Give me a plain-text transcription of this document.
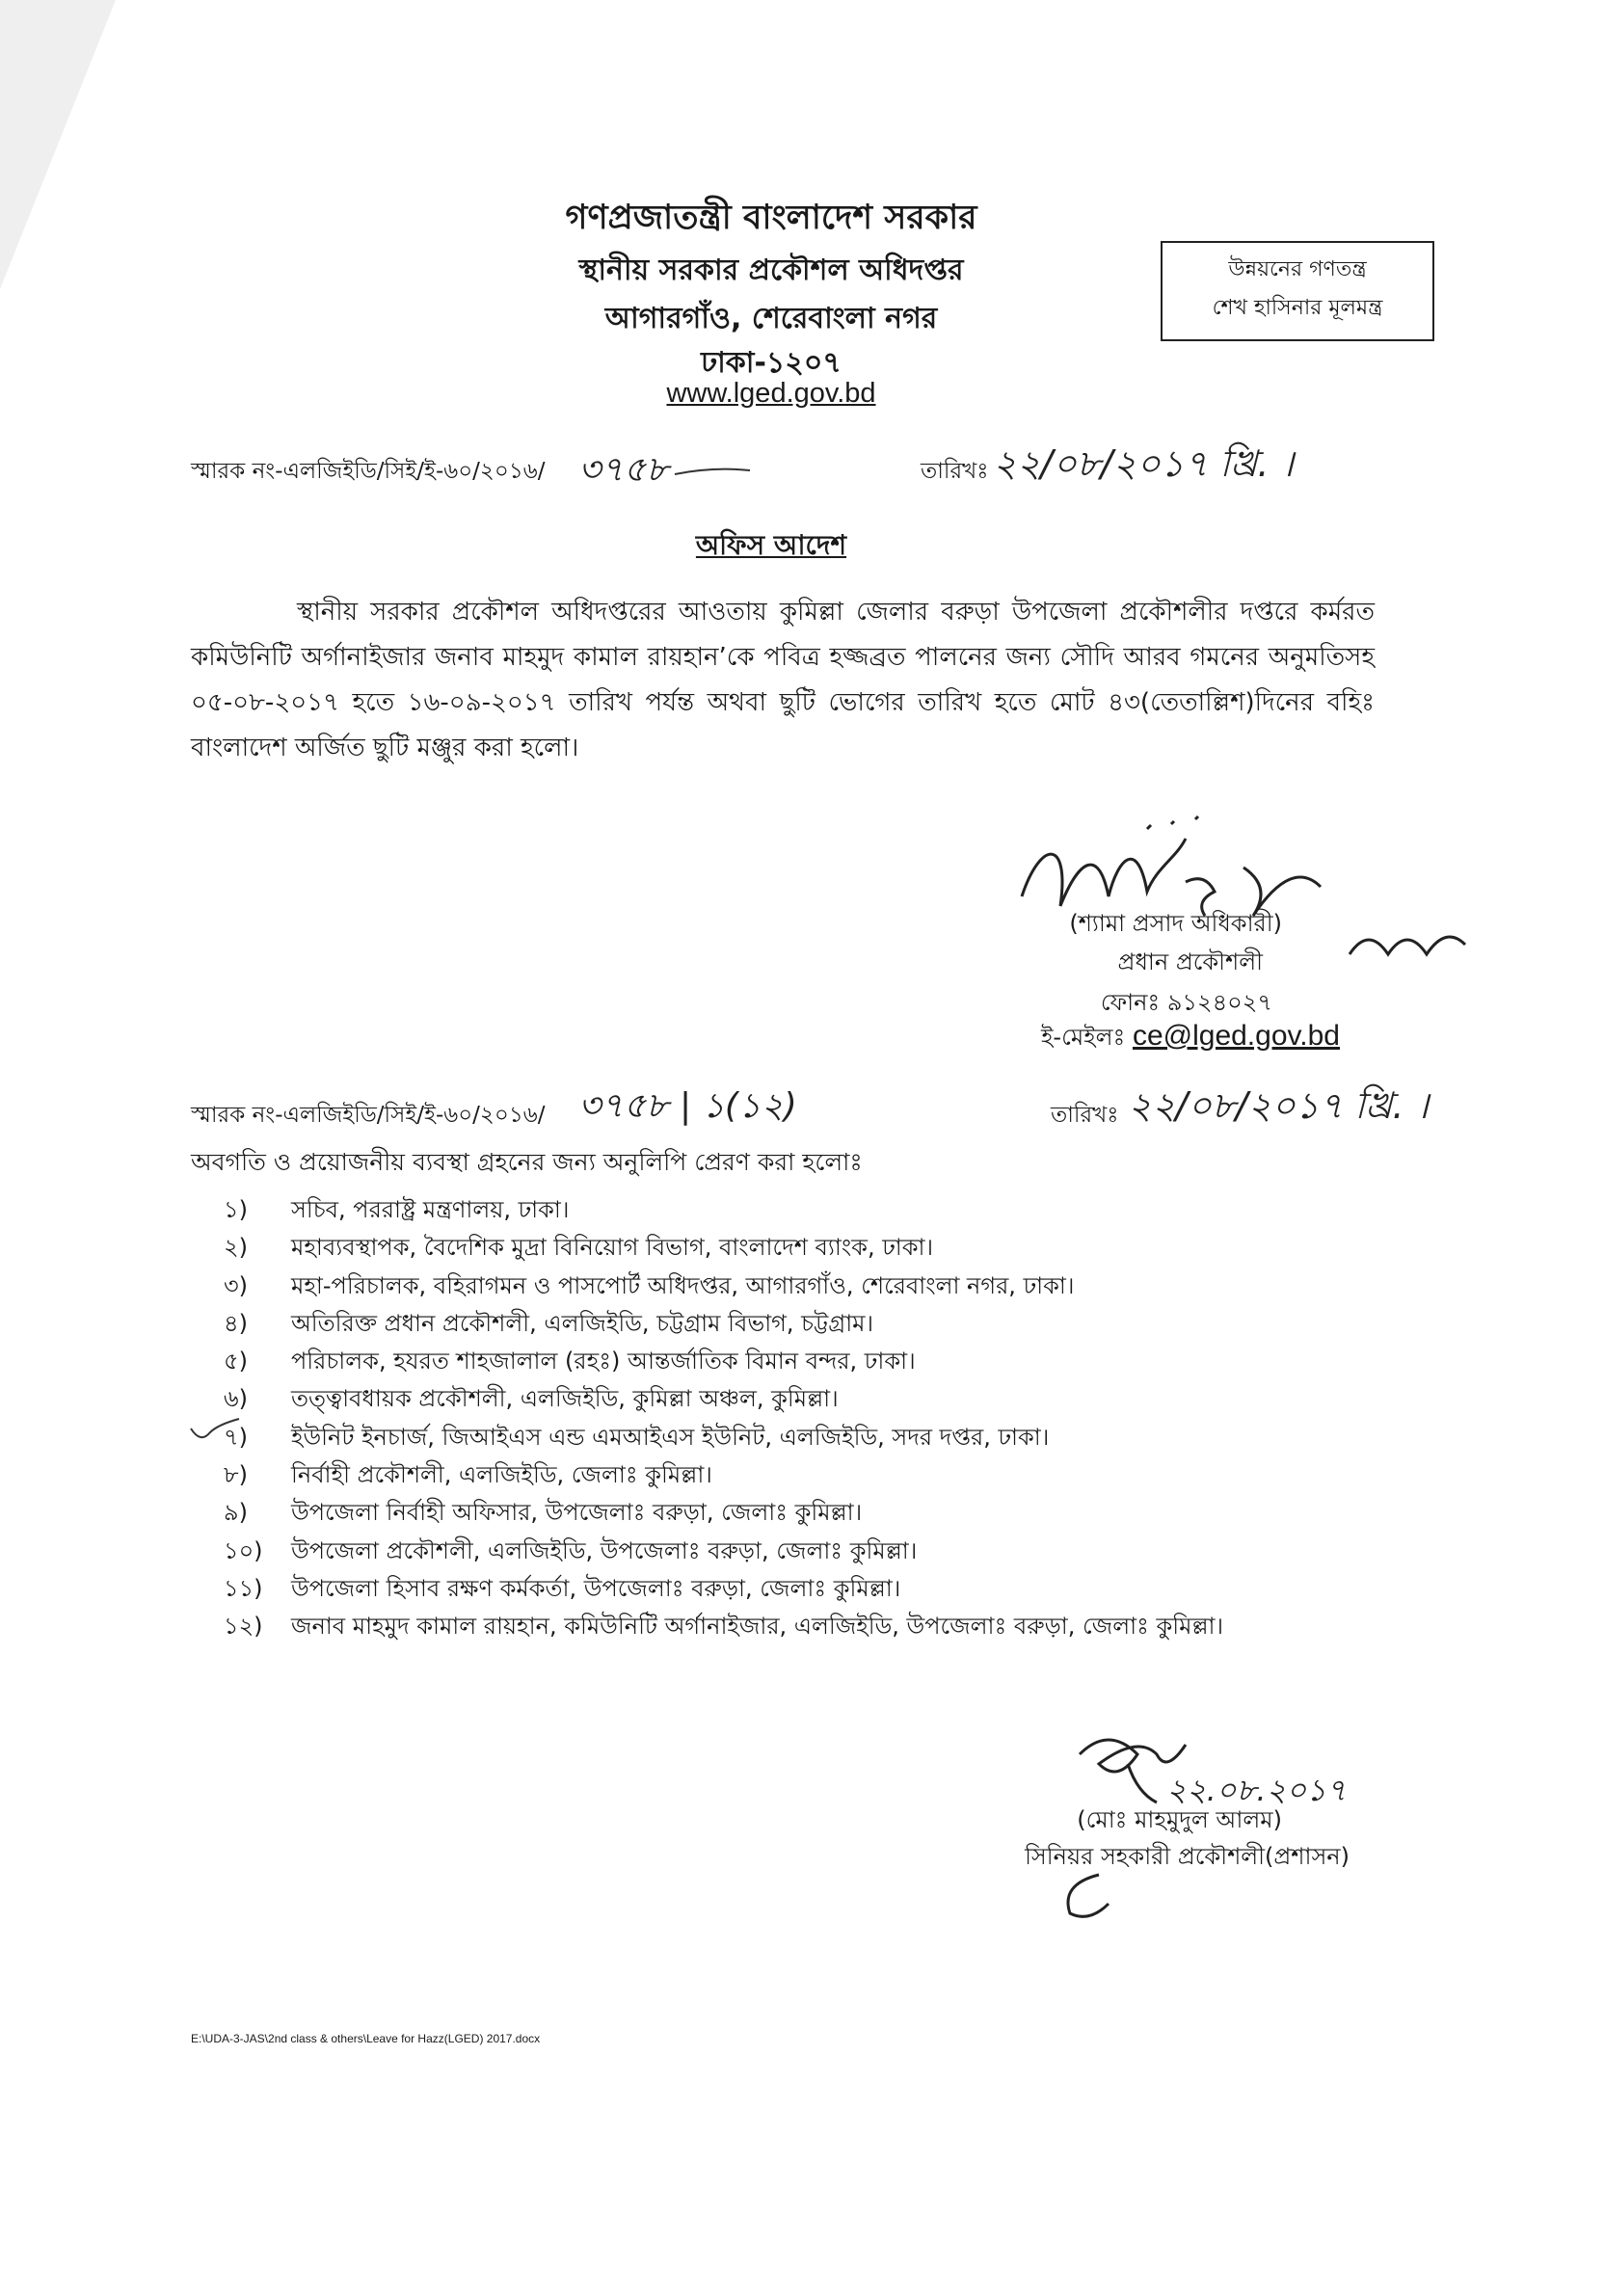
গণপ্রজাতন্ত্রী বাংলাদেশ সরকার
স্থানীয় সরকার প্রকৌশল অধিদপ্তর
আগারগাঁও, শেরেবাংলা নগর
ঢাকা-১২০৭
www.lged.gov.bd
উন্নয়নের গণতন্ত্র
শেখ হাসিনার মূলমন্ত্র
স্মারক নং-এলজিইডি/সিই/ই-৬০/২০১৬/ ৩৭৫৮	তারিখঃ ২২/০৮/২০১৭ খ্রি. ।
অফিস আদেশ
স্থানীয় সরকার প্রকৌশল অধিদপ্তরের আওতায় কুমিল্লা জেলার বরুড়া উপজেলা প্রকৌশলীর দপ্তরে কর্মরত কমিউনিটি অর্গানাইজার জনাব মাহমুদ কামাল রায়হান’কে পবিত্র হজ্জব্রত পালনের জন্য সৌদি আরব গমনের অনুমতিসহ ০৫-০৮-২০১৭ হতে ১৬-০৯-২০১৭ তারিখ পর্যন্ত অথবা ছুটি ভোগের তারিখ হতে মোট ৪৩(তেতাল্লিশ)দিনের বহিঃ বাংলাদেশ অর্জিত ছুটি মঞ্জুর করা হলো।
(শ্যামা প্রসাদ অধিকারী)
প্রধান প্রকৌশলী
ফোনঃ ৯১২৪০২৭
ই-মেইলঃ ce@lged.gov.bd
স্মারক নং-এলজিইডি/সিই/ই-৬০/২০১৬/ ৩৭৫৮ | ১(১২)	তারিখঃ ২২/০৮/২০১৭ খ্রি. ।
অবগতি ও প্রয়োজনীয় ব্যবস্থা গ্রহনের জন্য অনুলিপি প্রেরণ করা হলোঃ
১) সচিব, পররাষ্ট্র মন্ত্রণালয়, ঢাকা।
২) মহাব্যবস্থাপক, বৈদেশিক মুদ্রা বিনিয়োগ বিভাগ, বাংলাদেশ ব্যাংক, ঢাকা।
৩) মহা-পরিচালক, বহিরাগমন ও পাসপোর্ট অধিদপ্তর, আগারগাঁও, শেরেবাংলা নগর, ঢাকা।
৪) অতিরিক্ত প্রধান প্রকৌশলী, এলজিইডি, চট্টগ্রাম বিভাগ, চট্টগ্রাম।
৫) পরিচালক, হযরত শাহজালাল (রহঃ) আন্তর্জাতিক বিমান বন্দর, ঢাকা।
৬) তত্ত্বাবধায়ক প্রকৌশলী, এলজিইডি, কুমিল্লা অঞ্চল, কুমিল্লা।
৭) ইউনিট ইনচার্জ, জিআইএস এন্ড এমআইএস ইউনিট, এলজিইডি, সদর দপ্তর, ঢাকা।
৮) নির্বাহী প্রকৌশলী, এলজিইডি, জেলাঃ কুমিল্লা।
৯) উপজেলা নির্বাহী অফিসার, উপজেলাঃ বরুড়া, জেলাঃ কুমিল্লা।
১০) উপজেলা প্রকৌশলী, এলজিইডি, উপজেলাঃ বরুড়া, জেলাঃ কুমিল্লা।
১১) উপজেলা হিসাব রক্ষণ কর্মকর্তা, উপজেলাঃ বরুড়া, জেলাঃ কুমিল্লা।
১২) জনাব মাহমুদ কামাল রায়হান, কমিউনিটি অর্গানাইজার, এলজিইডি, উপজেলাঃ বরুড়া, জেলাঃ কুমিল্লা।
২২.০৮.২০১৭
(মোঃ মাহমুদুল আলম)
সিনিয়র সহকারী প্রকৌশলী(প্রশাসন)
E:\UDA-3-JAS\2nd class & others\Leave for Hazz(LGED) 2017.docx
